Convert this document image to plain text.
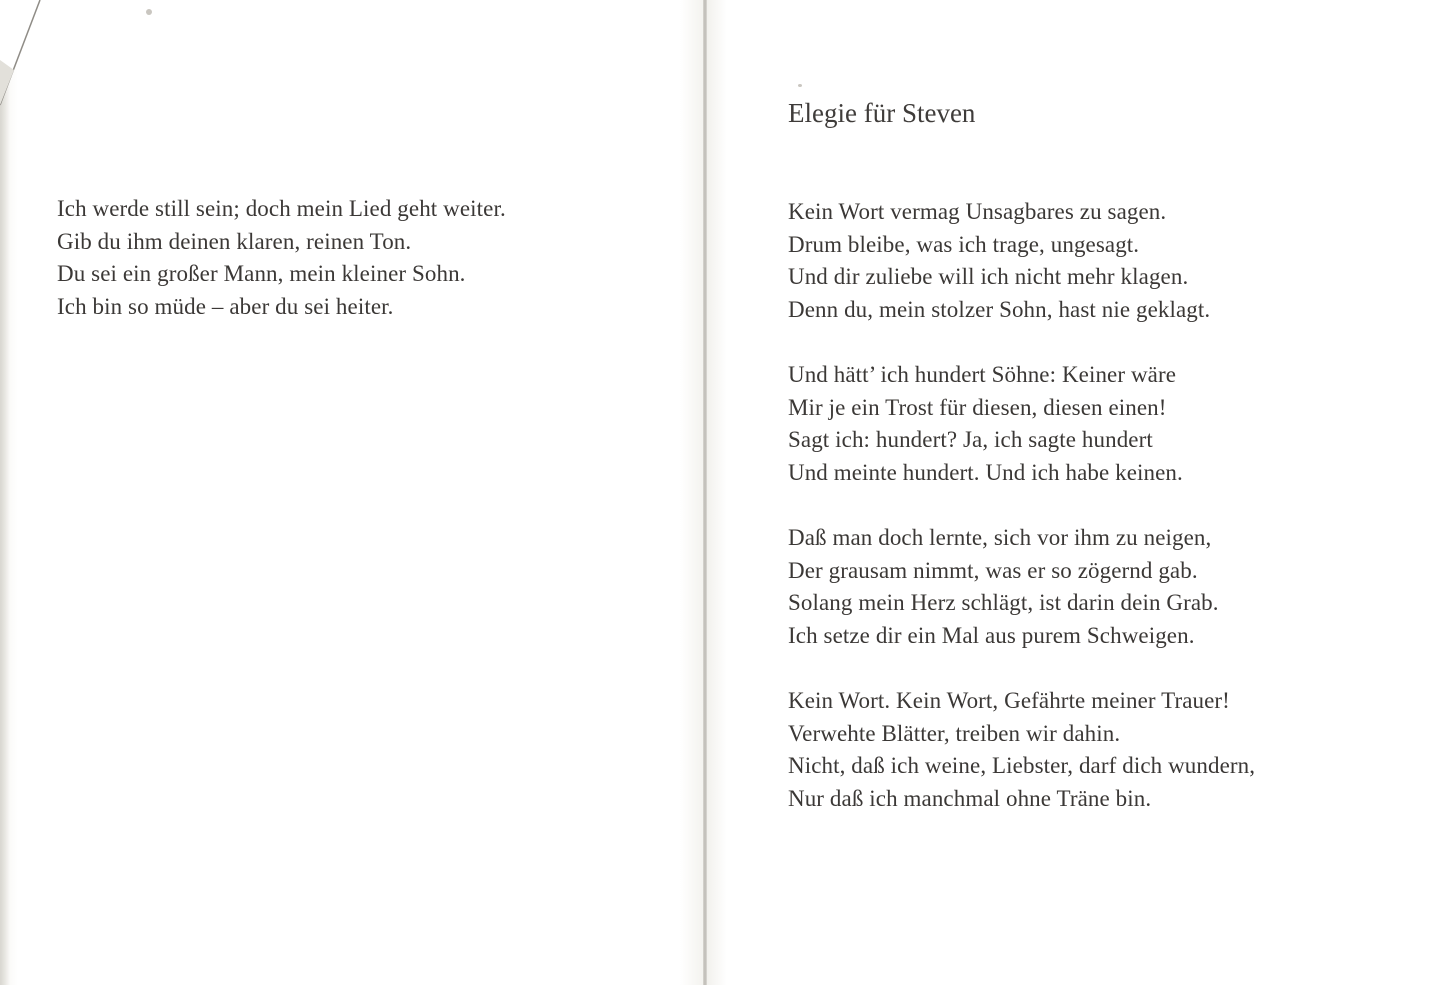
Ich werde still sein; doch mein Lied geht weiter.
Gib du ihm deinen klaren, reinen Ton.
Du sei ein großer Mann, mein kleiner Sohn.
Ich bin so müde – aber du sei heiter.
Elegie für Steven
Kein Wort vermag Unsagbares zu sagen.
Drum bleibe, was ich trage, ungesagt.
Und dir zuliebe will ich nicht mehr klagen.
Denn du, mein stolzer Sohn, hast nie geklagt.
Und hätt’ ich hundert Söhne: Keiner wäre
Mir je ein Trost für diesen, diesen einen!
Sagt ich: hundert? Ja, ich sagte hundert
Und meinte hundert. Und ich habe keinen.
Daß man doch lernte, sich vor ihm zu neigen,
Der grausam nimmt, was er so zögernd gab.
Solang mein Herz schlägt, ist darin dein Grab.
Ich setze dir ein Mal aus purem Schweigen.
Kein Wort. Kein Wort, Gefährte meiner Trauer!
Verwehte Blätter, treiben wir dahin.
Nicht, daß ich weine, Liebster, darf dich wundern,
Nur daß ich manchmal ohne Träne bin.
